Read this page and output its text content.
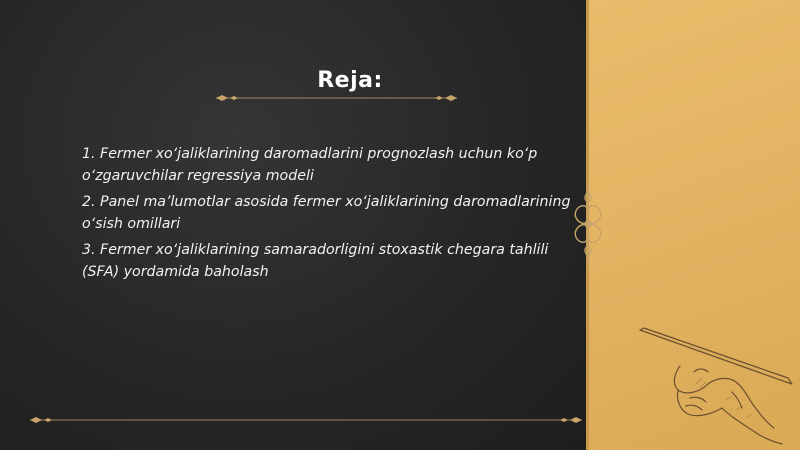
Reja:
1. Fermer xo‘jaliklarining daromadlarini prognozlash uchun ko‘p o‘zgaruvchilar regressiya modeli
2. Panel ma’lumotlar asosida fermer xo‘jaliklarining daromadlarining o‘sish omillari
3. Fermer xo‘jaliklarining samaradorligini stoxastik chegara tahlili (SFA) yordamida baholash
